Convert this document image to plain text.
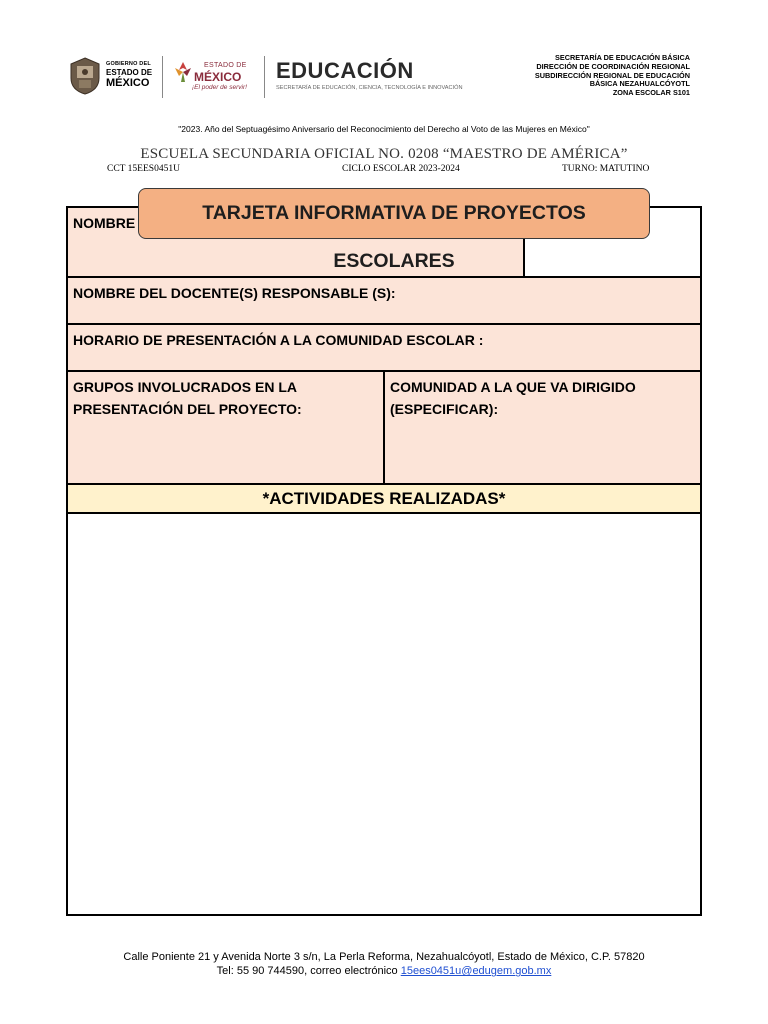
GOBIERNO DEL
ESTADO DE
MÉXICO
ESTADO DE
MÉXICO
¡El poder de servir!
EDUCACIÓN
SECRETARÍA DE EDUCACIÓN, CIENCIA, TECNOLOGÍA E INNOVACIÓN
SECRETARÍA DE EDUCACIÓN BÁSICA
DIRECCIÓN DE COORDINACIÓN REGIONAL
SUBDIRECCIÓN REGIONAL DE EDUCACIÓN
BÁSICA NEZAHUALCÓYOTL
ZONA ESCOLAR S101
"2023. Año del Septuagésimo Aniversario del Reconocimiento del Derecho al Voto de las Mujeres en México"
ESCUELA SECUNDARIA OFICIAL NO. 0208 “MAESTRO DE AMÉRICA”
CCT 15EES0451U	CICLO ESCOLAR 2023-2024	TURNO: MATUTINO
NOMBRE
NOMBRE DEL DOCENTE(S) RESPONSABLE (S):
HORARIO DE PRESENTACIÓN A LA COMUNIDAD ESCOLAR :
GRUPOS INVOLUCRADOS EN LA PRESENTACIÓN DEL PROYECTO:
COMUNIDAD A LA QUE VA DIRIGIDO (ESPECIFICAR):
*ACTIVIDADES REALIZADAS*
TARJETA INFORMATIVA DE PROYECTOS ESCOLARES
Calle Poniente 21 y Avenida Norte 3 s/n, La Perla Reforma, Nezahualcóyotl, Estado de México, C.P. 57820
Tel: 55 90 744590, correo electrónico 15ees0451u@edugem.gob.mx
